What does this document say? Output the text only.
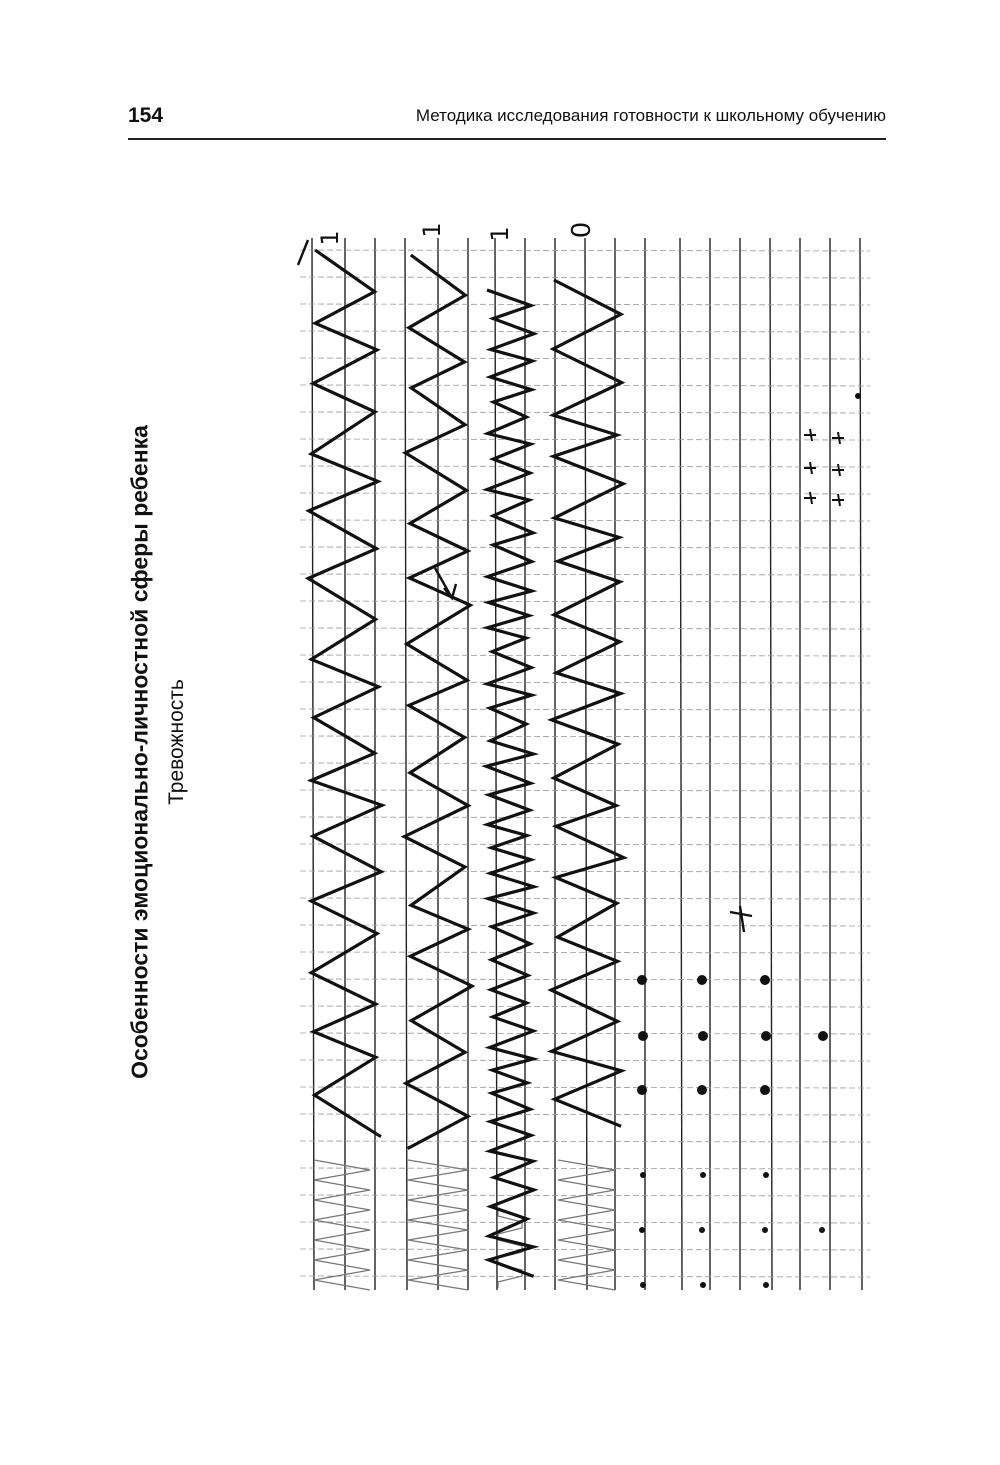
154	Методика исследования готовности к школьному обучению
Особенности эмоционально-личностной сферы ребенка Тревожность
1
1 1 0
